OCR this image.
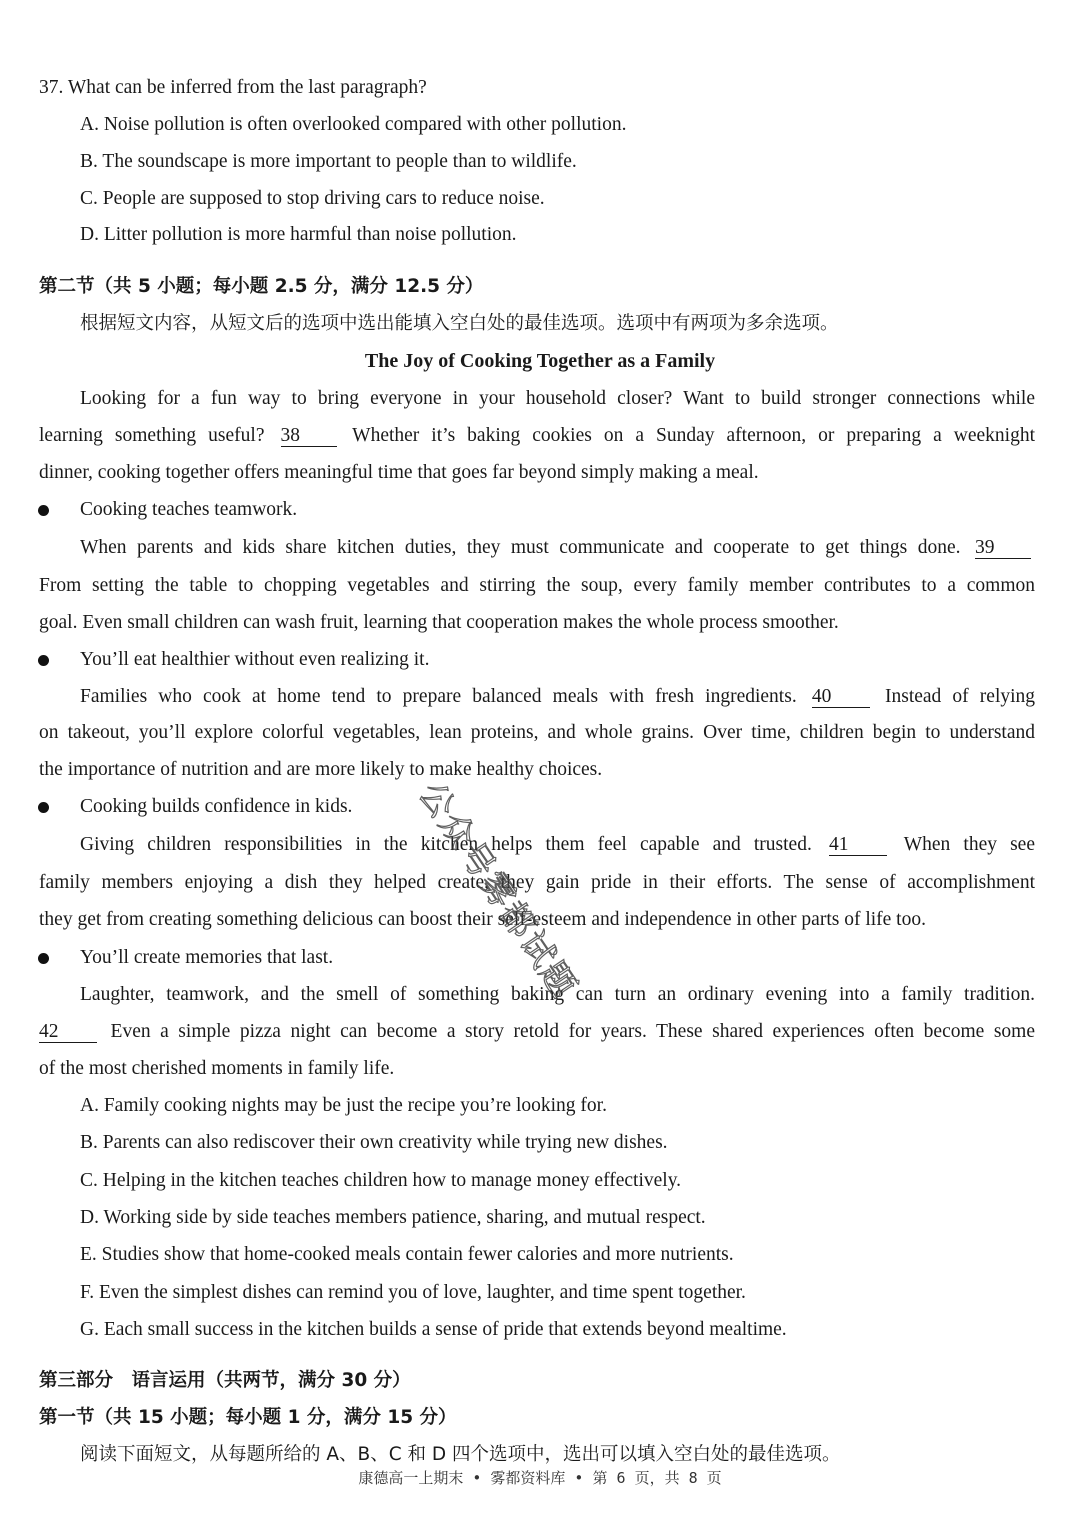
37. What can be inferred from the last paragraph?
A. Noise pollution is often overlooked compared with other pollution.
B. The soundscape is more important to people than to wildlife.
C. People are supposed to stop driving cars to reduce noise.
D. Litter pollution is more harmful than noise pollution.
第二节（共 5 小题；每小题 2.5 分，满分 12.5 分）
根据短文内容，从短文后的选项中选出能填入空白处的最佳选项。选项中有两项为多余选项。
The Joy of Cooking Together as a Family
Looking for a fun way to bring everyone in your household closer? Want to build stronger connections while
learning something useful? 38	Whether it’s baking cookies on a Sunday afternoon, or preparing a weeknight
dinner, cooking together offers meaningful time that goes far beyond simply making a meal.
Cooking teaches teamwork.
When parents and kids share kitchen duties, they must communicate and cooperate to get things done. 39
From setting the table to chopping vegetables and stirring the soup, every family member contributes to a common
goal. Even small children can wash fruit, learning that cooperation makes the whole process smoother.
You’ll eat healthier without even realizing it.
Families who cook at home tend to prepare balanced meals with fresh ingredients. 40	Instead of relying
on takeout, you’ll explore colorful vegetables, lean proteins, and whole grains. Over time, children begin to understand
the importance of nutrition and are more likely to make healthy choices.
Cooking builds confidence in kids.
Giving children responsibilities in the kitchen helps them feel capable and trusted. 41	When they see
family members enjoying a dish they helped create, they gain pride in their efforts. The sense of accomplishment
they get from creating something delicious can boost their self-esteem and independence in other parts of life too.
You’ll create memories that last.
Laughter, teamwork, and the smell of something baking can turn an ordinary evening into a family tradition.
42	Even a simple pizza night can become a story retold for years. These shared experiences often become some
of the most cherished moments in family life.
A. Family cooking nights may be just the recipe you’re looking for.
B. Parents can also rediscover their own creativity while trying new dishes.
C. Helping in the kitchen teaches children how to manage money effectively.
D. Working side by side teaches members patience, sharing, and mutual respect.
E. Studies show that home-cooked meals contain fewer calories and more nutrients.
F. Even the simplest dishes can remind you of love, laughter, and time spent together.
G. Each small success in the kitchen builds a sense of pride that extends beyond mealtime.
第三部分　语言运用（共两节，满分 30 分）
第一节（共 15 小题；每小题 1 分，满分 15 分）
阅读下面短文，从每题所给的 A、B、C 和 D 四个选项中，选出可以填入空白处的最佳选项。
康德高一上期末 • 雾都资料库 • 第 6 页，共 8 页
公众号雾都试题
